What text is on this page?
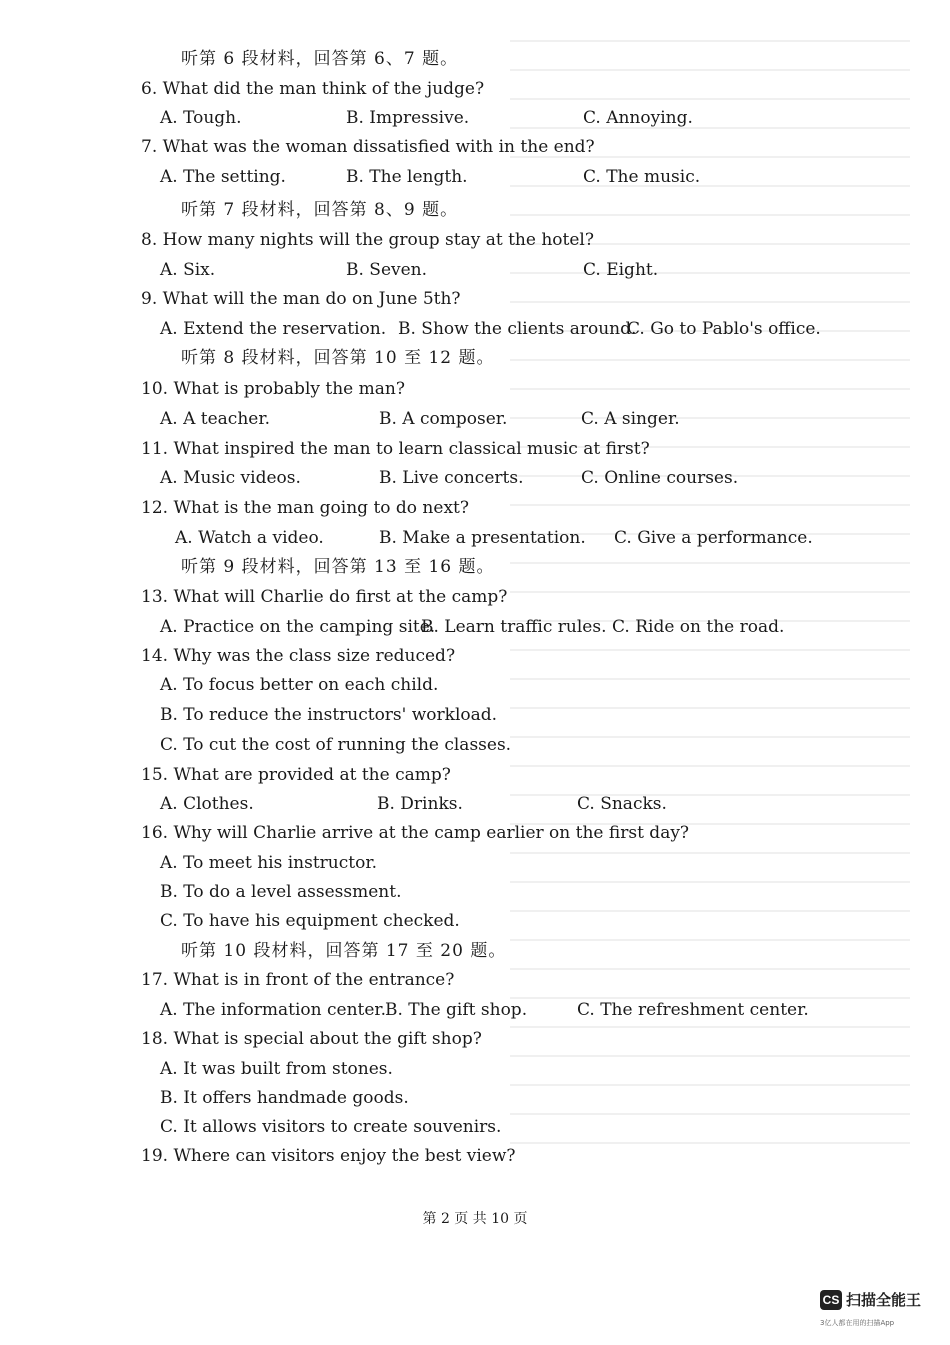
听第 6 段材料，回答第 6、7 题。
6. What did the man think of the judge?
A. Tough.	B. Impressive.	C. Annoying.
7. What was the woman dissatisfied with in the end?
A. The setting.	B. The length.	C. The music.
听第 7 段材料，回答第 8、9 题。
8. How many nights will the group stay at the hotel?
A. Six.	B. Seven.	C. Eight.
9. What will the man do on June 5th?
A. Extend the reservation. B. Show the clients around.
C. Go to Pablo's office.
听第 8 段材料，回答第 10 至 12 题。
10. What is probably the man?
A. A teacher.	B. A composer.	C. A singer.
11. What inspired the man to learn classical music at first?
A. Music videos.	B. Live concerts.	C. Online courses.
12. What is the man going to do next?
A. Watch a video.	B. Make a presentation. C. Give a performance.
听第 9 段材料，回答第 13 至 16 题。
13. What will Charlie do first at the camp?
A. Practice on the camping site.
B. Learn traffic rules. C. Ride on the road.
14. Why was the class size reduced?
A. To focus better on each child.
B. To reduce the instructors' workload.
C. To cut the cost of running the classes.
15. What are provided at the camp?
A. Clothes.	B. Drinks.	C. Snacks.
16. Why will Charlie arrive at the camp earlier on the first day?
A. To meet his instructor.
B. To do a level assessment.
C. To have his equipment checked.
听第 10 段材料，回答第 17 至 20 题。
17. What is in front of the entrance?
A. The information center.
B. The gift shop.	C. The refreshment center.
18. What is special about the gift shop?
A. It was built from stones.
B. It offers handmade goods.
C. It allows visitors to create souvenirs.
19. Where can visitors enjoy the best view?
第 2 页 共 10 页
CS 扫描全能王
3亿人都在用的扫描App
